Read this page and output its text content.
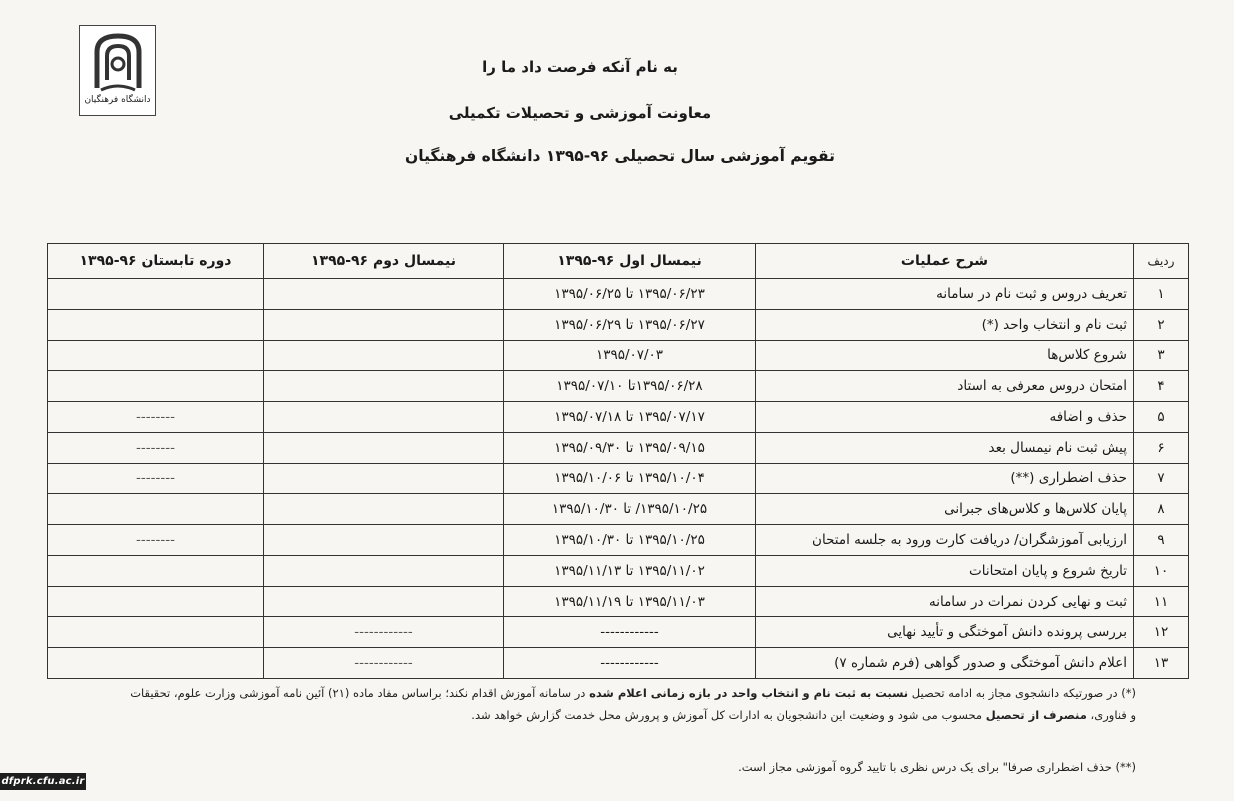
دانشگاه فرهنگیان
به نام آنکه فرصت داد ما را
معاونت آموزشی و تحصیلات تکمیلی
تقویم آموزشی سال تحصیلی ۹۶-۱۳۹۵ دانشگاه فرهنگیان
ردیف	شرح عملیات	نیمسال اول ۹۶-۱۳۹۵	نیمسال دوم ۹۶-۱۳۹۵	دوره تابستان ۹۶-۱۳۹۵
۱	تعریف دروس و ثبت نام در سامانه	۱۳۹۵/۰۶/۲۳ تا ۱۳۹۵/۰۶/۲۵		
۲	ثبت نام و انتخاب واحد (*)	۱۳۹۵/۰۶/۲۷ تا ۱۳۹۵/۰۶/۲۹		
۳	شروع کلاس‌ها	۱۳۹۵/۰۷/۰۳		
۴	امتحان دروس معرفی به استاد	۱۳۹۵/۰۶/۲۸تا ۱۳۹۵/۰۷/۱۰		
۵	حذف و اضافه	۱۳۹۵/۰۷/۱۷ تا ۱۳۹۵/۰۷/۱۸		--------
۶	پیش ثبت نام نیمسال بعد	۱۳۹۵/۰۹/۱۵ تا ۱۳۹۵/۰۹/۳۰		--------
۷	حذف اضطراری (**)	۱۳۹۵/۱۰/۰۴ تا ۱۳۹۵/۱۰/۰۶		--------
۸	پایان کلاس‌ها و کلاس‌های جبرانی	۱۳۹۵/۱۰/۲۵/ تا ۱۳۹۵/۱۰/۳۰		
۹	ارزیابی آموزشگران/ دریافت کارت ورود به جلسه امتحان	۱۳۹۵/۱۰/۲۵ تا ۱۳۹۵/۱۰/۳۰		--------
۱۰	تاریخ شروع و پایان امتحانات	۱۳۹۵/۱۱/۰۲ تا ۱۳۹۵/۱۱/۱۳		
۱۱	ثبت و نهایی کردن نمرات در سامانه	۱۳۹۵/۱۱/۰۳ تا ۱۳۹۵/۱۱/۱۹		
۱۲	بررسی پرونده دانش آموختگی و تأیید نهایی	------------	------------	
۱۳	اعلام دانش آموختگی و صدور گواهی (فرم شماره ۷)	------------	------------	
(*) در صورتیکه دانشجوی مجاز به ادامه تحصیل نسبت به ثبت نام و انتخاب واحد در بازه زمانی اعلام شده در سامانه آموزش اقدام نکند؛ براساس مفاد ماده (۲۱) آئین نامه آموزشی وزارت علوم، تحقیقات و فناوری، منصرف از تحصیل محسوب می شود و وضعیت این دانشجویان به ادارات کل آموزش و پرورش محل خدمت گزارش خواهد شد.
(**) حذف اضطراری صرفا" برای یک درس نظری با تایید گروه آموزشی مجاز است.
dfprk.cfu.ac.ir
